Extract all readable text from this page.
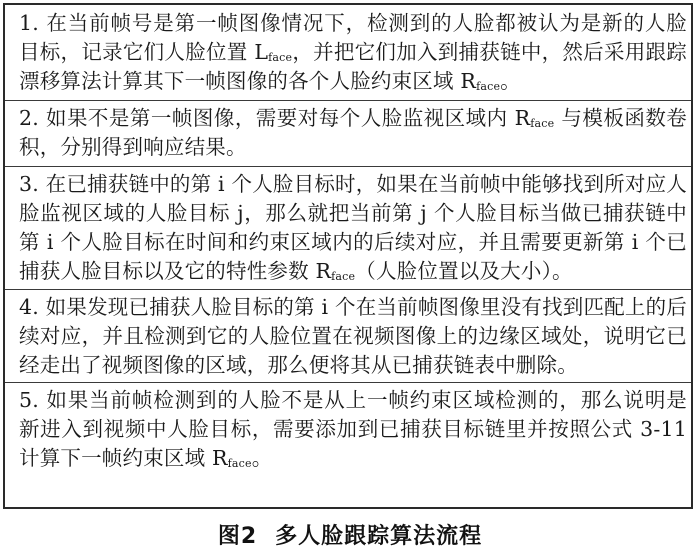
1. 在当前帧号是第一帧图像情况下，检测到的人脸都被认为是新的人脸目标，记录它们人脸位置 $L_{face}$，并把它们加入到捕获链中，然后采用跟踪漂移算法计算其下一帧图像的各个人脸约束区域 $R_{face}$。

2. 如果不是第一帧图像，需要对每个人脸监视区域内 $R_{face}$ 与模板函数卷积，分别得到响应结果。

3. 在已捕获链中的第 i 个人脸目标时，如果在当前帧中能够找到所对应人脸监视区域的人脸目标 j，那么就把当前第 j 个人脸目标当做已捕获链中第 i 个人脸目标在时间和约束区域内的后续对应，并且需要更新第 i 个已捕获人脸目标以及它的特性参数 $R_{face}$（人脸位置以及大小）。

4. 如果发现已捕获人脸目标的第 i 个在当前帧图像里没有找到匹配上的后续对应，并且检测到它的人脸位置在视频图像上的边缘区域处，说明它已经走出了视频图像的区域，那么便将其从已捕获链表中删除。

5. 如果当前帧检测到的人脸不是从上一帧约束区域检测的，那么说明是新进入到视频中人脸目标，需要添加到已捕获目标链里并按照公式 3-11 计算下一帧约束区域 $R_{face}$。

图2 多人脸跟踪算法流程
